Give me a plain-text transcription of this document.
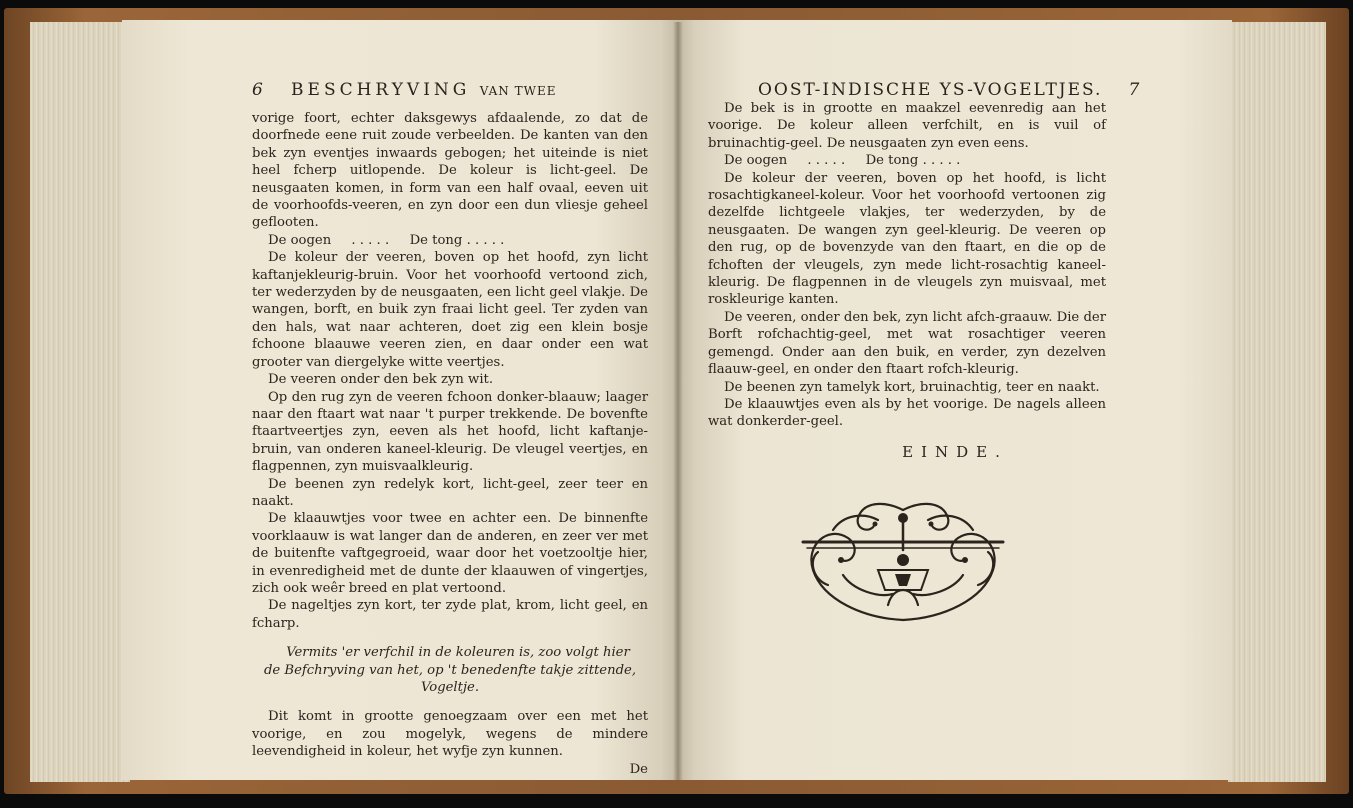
6 BESCHRYVING VAN TWEE

vorige foort, echter daksgewys afdaalende, zo dat de doorfnede eene ruit zoude verbeelden. De kanten van den bek zyn eventjes inwaards gebogen; het uiteinde is niet heel fcherp uitlopende. De koleur is licht-geel. De neusgaaten komen, in form van een half ovaal, eeven uit de voorhoofds-veeren, en zyn door een dun vliesje geheel geflooten.

De oogen . . . . . De tong . . . . .

De koleur der veeren, boven op het hoofd, zyn licht kaftanjekleurig-bruin. Voor het voorhoofd vertoond zich, ter wederzyden by de neusgaaten, een licht geel vlakje. De wangen, borft, en buik zyn fraai licht geel. Ter zyden van den hals, wat naar achteren, doet zig een klein bosje fchoone blaauwe veeren zien, en daar onder een wat grooter van diergelyke witte veertjes.

De veeren onder den bek zyn wit.

Op den rug zyn de veeren fchoon donker-blaauw; laager naar den ftaart wat naar 't purper trekkende. De bovenfte ftaartveertjes zyn, eeven als het hoofd, licht kaftanje-bruin, van onderen kaneel-kleurig. De vleugel veertjes, en flagpennen, zyn muisvaalkleurig.

De beenen zyn redelyk kort, licht-geel, zeer teer en naakt.

De klaauwtjes voor twee en achter een. De binnenfte voorklaauw is wat langer dan de anderen, en zeer ver met de buitenfte vaftgegroeid, waar door het voetzooltje hier, in evenredigheid met de dunte der klaauwen of vingertjes, zich ook weêr breed en plat vertoond.

De nageltjes zyn kort, ter zyde plat, krom, licht geel, en fcharp.

Vermits 'er verfchil in de koleuren is, zoo volgt hier de Befchryving van het, op 't benedenfte takje zittende, Vogeltje.

Dit komt in grootte genoegzaam over een met het voorige, en zou mogelyk, wegens de mindere leevendigheid in koleur, het wyfje zyn kunnen.

De

OOST-INDISCHE YS-VOGELTJES. 7

De bek is in grootte en maakzel eevenredig aan het voorige. De koleur alleen verfchilt, en is vuil of bruinachtig-geel. De neusgaaten zyn even eens.

De oogen . . . . . De tong . . . . .

De koleur der veeren, boven op het hoofd, is licht rosachtigkaneel-koleur. Voor het voorhoofd vertoonen zig dezelfde lichtgeele vlakjes, ter wederzyden, by de neusgaaten. De wangen zyn geel-kleurig. De veeren op den rug, op de bovenzyde van den ftaart, en die op de fchoften der vleugels, zyn mede licht-rosachtig kaneel-kleurig. De flagpennen in de vleugels zyn muisvaal, met roskleurige kanten.

De veeren, onder den bek, zyn licht afch-graauw. Die der Borft rofchachtig-geel, met wat rosachtiger veeren gemengd. Onder aan den buik, en verder, zyn dezelven flaauw-geel, en onder den ftaart rofch-kleurig.

De beenen zyn tamelyk kort, bruinachtig, teer en naakt.

De klaauwtjes even als by het voorige. De nagels alleen wat donkerder-geel.

EINDE.
